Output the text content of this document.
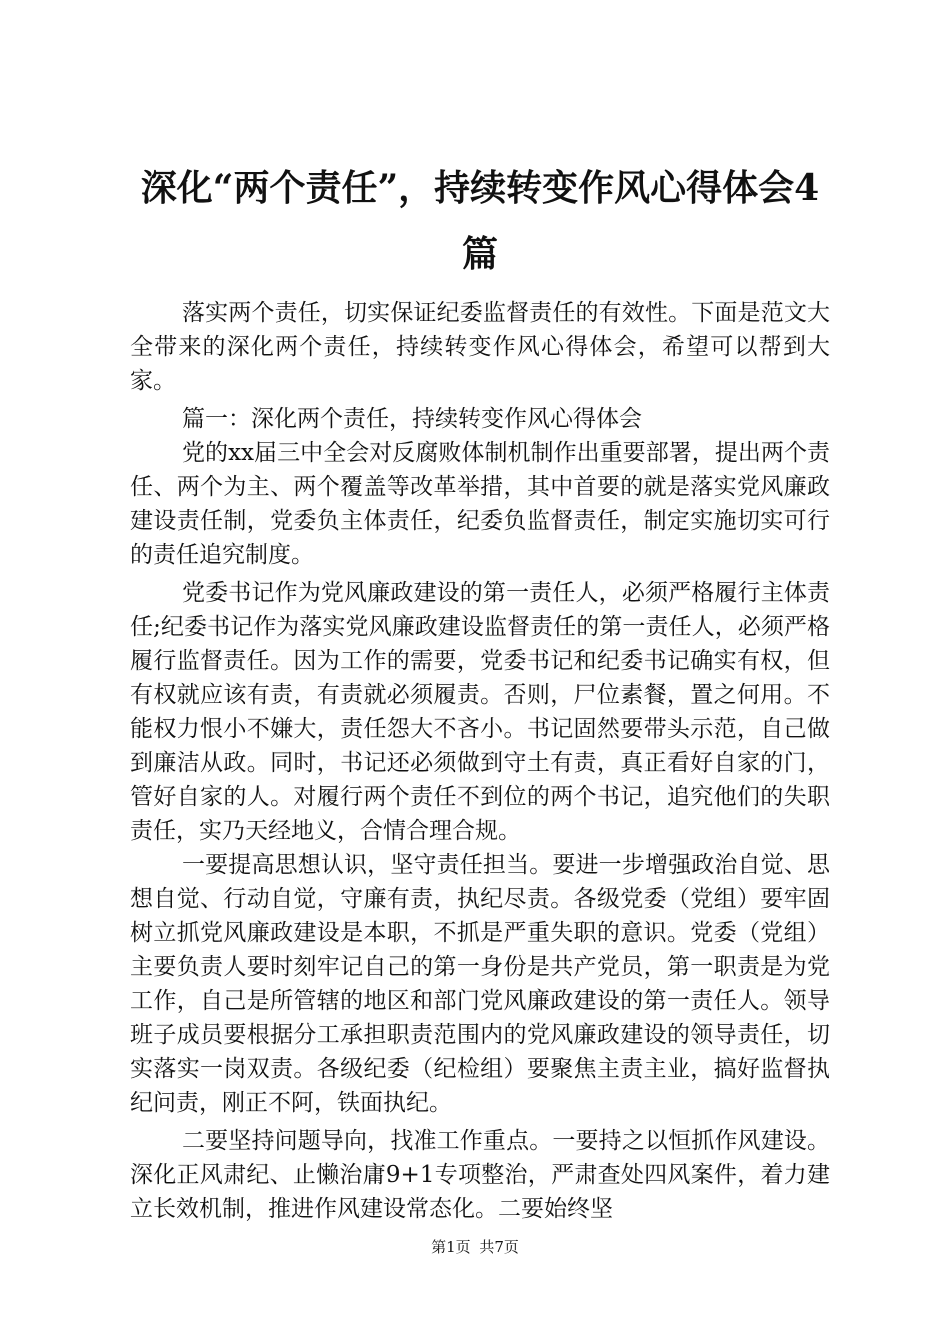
深化“两个责任”，持续转变作风心得体会4篇

落实两个责任，切实保证纪委监督责任的有效性。下面是范文大全带来的深化两个责任，持续转变作风心得体会，希望可以帮到大家。

篇一：深化两个责任，持续转变作风心得体会

党的xx届三中全会对反腐败体制机制作出重要部署，提出两个责任、两个为主、两个覆盖等改革举措，其中首要的就是落实党风廉政建设责任制，党委负主体责任，纪委负监督责任，制定实施切实可行的责任追究制度。

党委书记作为党风廉政建设的第一责任人，必须严格履行主体责任;纪委书记作为落实党风廉政建设监督责任的第一责任人，必须严格履行监督责任。因为工作的需要，党委书记和纪委书记确实有权，但有权就应该有责，有责就必须履责。否则，尸位素餐，置之何用。不能权力恨小不嫌大，责任怨大不吝小。书记固然要带头示范，自己做到廉洁从政。同时，书记还必须做到守土有责，真正看好自家的门，管好自家的人。对履行两个责任不到位的两个书记，追究他们的失职责任，实乃天经地义，合情合理合规。

一要提高思想认识，坚守责任担当。要进一步增强政治自觉、思想自觉、行动自觉，守廉有责，执纪尽责。各级党委（党组）要牢固树立抓党风廉政建设是本职，不抓是严重失职的意识。党委（党组）主要负责人要时刻牢记自己的第一身份是共产党员，第一职责是为党工作，自己是所管辖的地区和部门党风廉政建设的第一责任人。领导班子成员要根据分工承担职责范围内的党风廉政建设的领导责任，切实落实一岗双责。各级纪委（纪检组）要聚焦主责主业，搞好监督执纪问责，刚正不阿，铁面执纪。

二要坚持问题导向，找准工作重点。一要持之以恒抓作风建设。深化正风肃纪、止懒治庸9+1专项整治，严肃查处四风案件，着力建立长效机制，推进作风建设常态化。二要始终坚

第1页 共7页
